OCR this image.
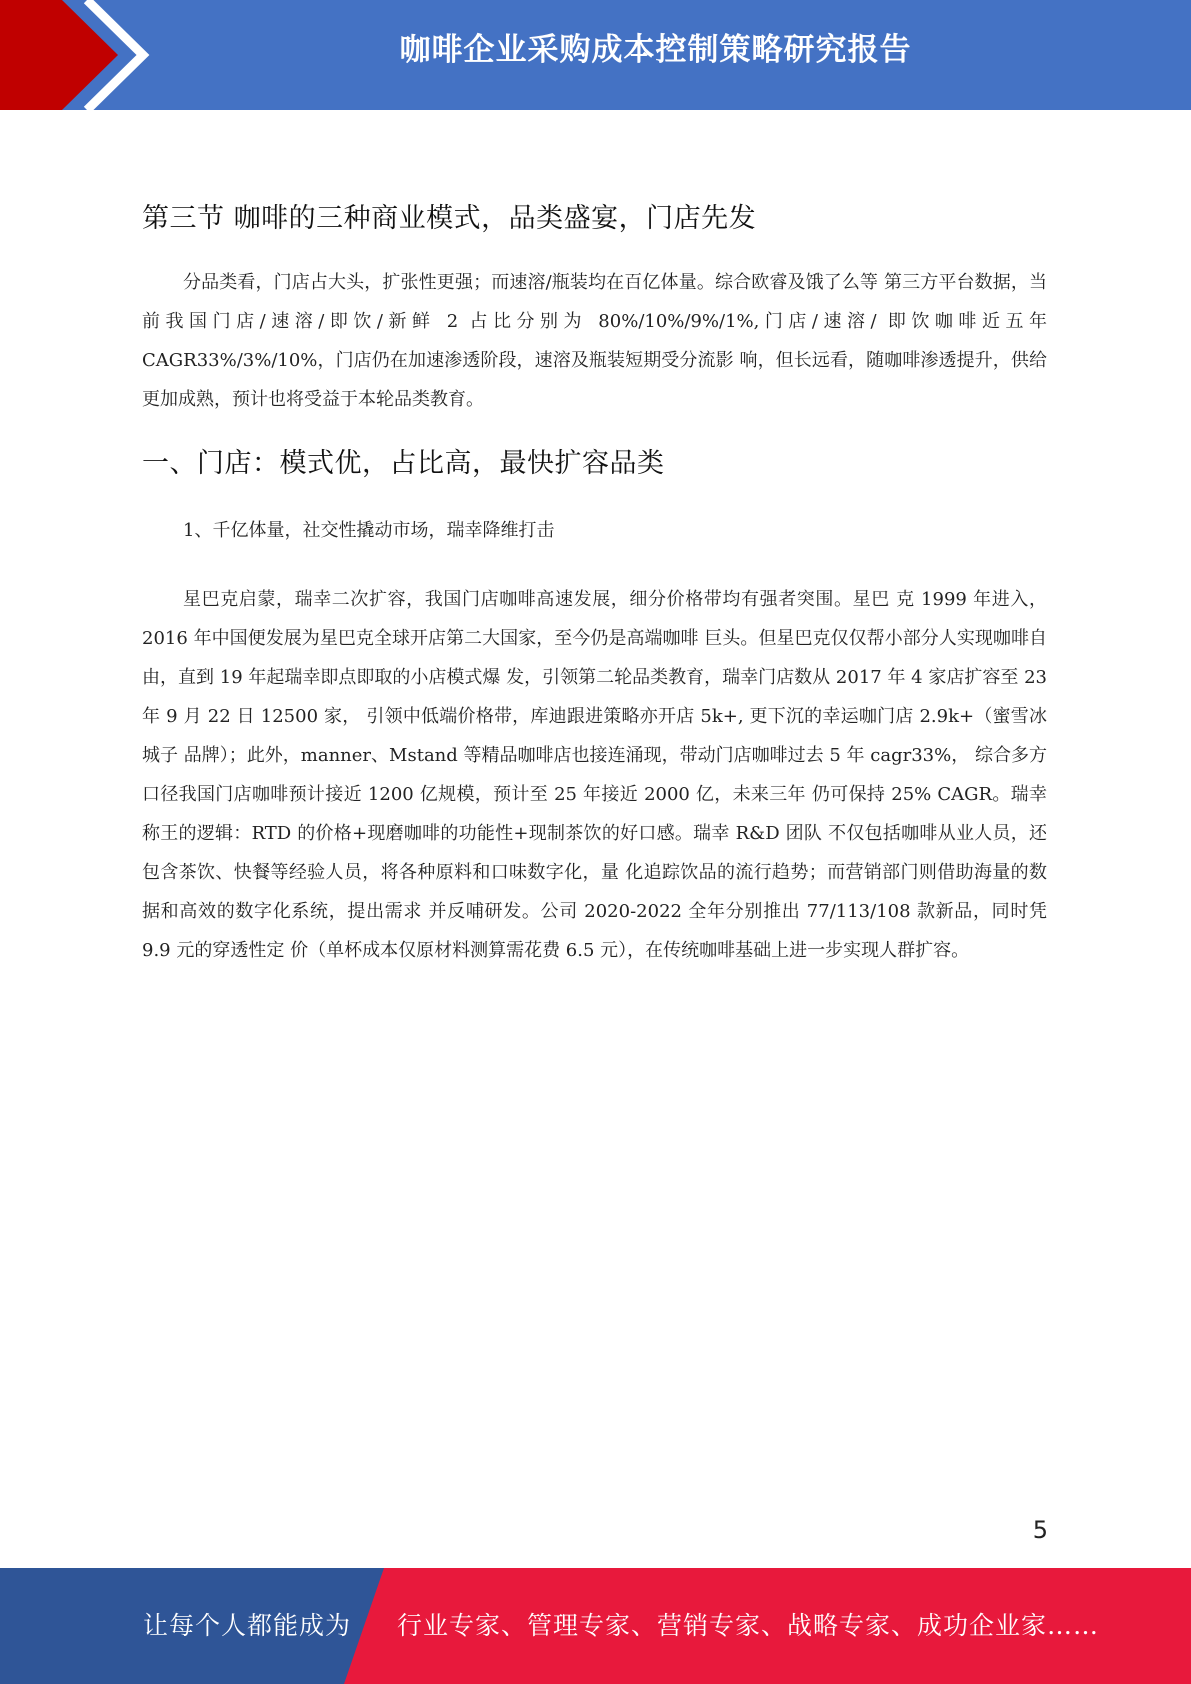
咖啡企业采购成本控制策略研究报告
第三节 咖啡的三种商业模式，品类盛宴，门店先发

分品类看，门店占大头，扩张性更强；而速溶/瓶装均在百亿体量。综合欧睿及饿了么等 第三方平台数据，当前我国门店/速溶/即饮/新鲜 2 占比分别为 80%/10%/9%/1%,门店/速溶/ 即饮咖啡近五年 CAGR33%/3%/10%，门店仍在加速渗透阶段，速溶及瓶装短期受分流影 响，但长远看，随咖啡渗透提升，供给更加成熟，预计也将受益于本轮品类教育。

一、门店：模式优，占比高，最快扩容品类

1、千亿体量，社交性撬动市场，瑞幸降维打击

星巴克启蒙，瑞幸二次扩容，我国门店咖啡高速发展，细分价格带均有强者突围。星巴 克 1999 年进入，2016 年中国便发展为星巴克全球开店第二大国家，至今仍是高端咖啡 巨头。但星巴克仅仅帮小部分人实现咖啡自由，直到 19 年起瑞幸即点即取的小店模式爆 发，引领第二轮品类教育，瑞幸门店数从 2017 年 4 家店扩容至 23 年 9 月 22 日 12500 家， 引领中低端价格带，库迪跟进策略亦开店 5k+, 更下沉的幸运咖门店 2.9k+（蜜雪冰城子 品牌）；此外，manner、Mstand 等精品咖啡店也接连涌现，带动门店咖啡过去 5 年 cagr33%， 综合多方口径我国门店咖啡预计接近 1200 亿规模，预计至 25 年接近 2000 亿，未来三年 仍可保持 25% CAGR。瑞幸称王的逻辑：RTD 的价格+现磨咖啡的功能性+现制茶饮的好口感。瑞幸 R&D 团队 不仅包括咖啡从业人员，还包含茶饮、快餐等经验人员，将各种原料和口味数字化，量 化追踪饮品的流行趋势；而营销部门则借助海量的数据和高效的数字化系统，提出需求 并反哺研发。公司 2020-2022 全年分别推出 77/113/108 款新品，同时凭 9.9 元的穿透性定 价（单杯成本仅原材料测算需花费 6.5 元），在传统咖啡基础上进一步实现人群扩容。

5
让每个人都能成为 行业专家、管理专家、营销专家、战略专家、成功企业家……
